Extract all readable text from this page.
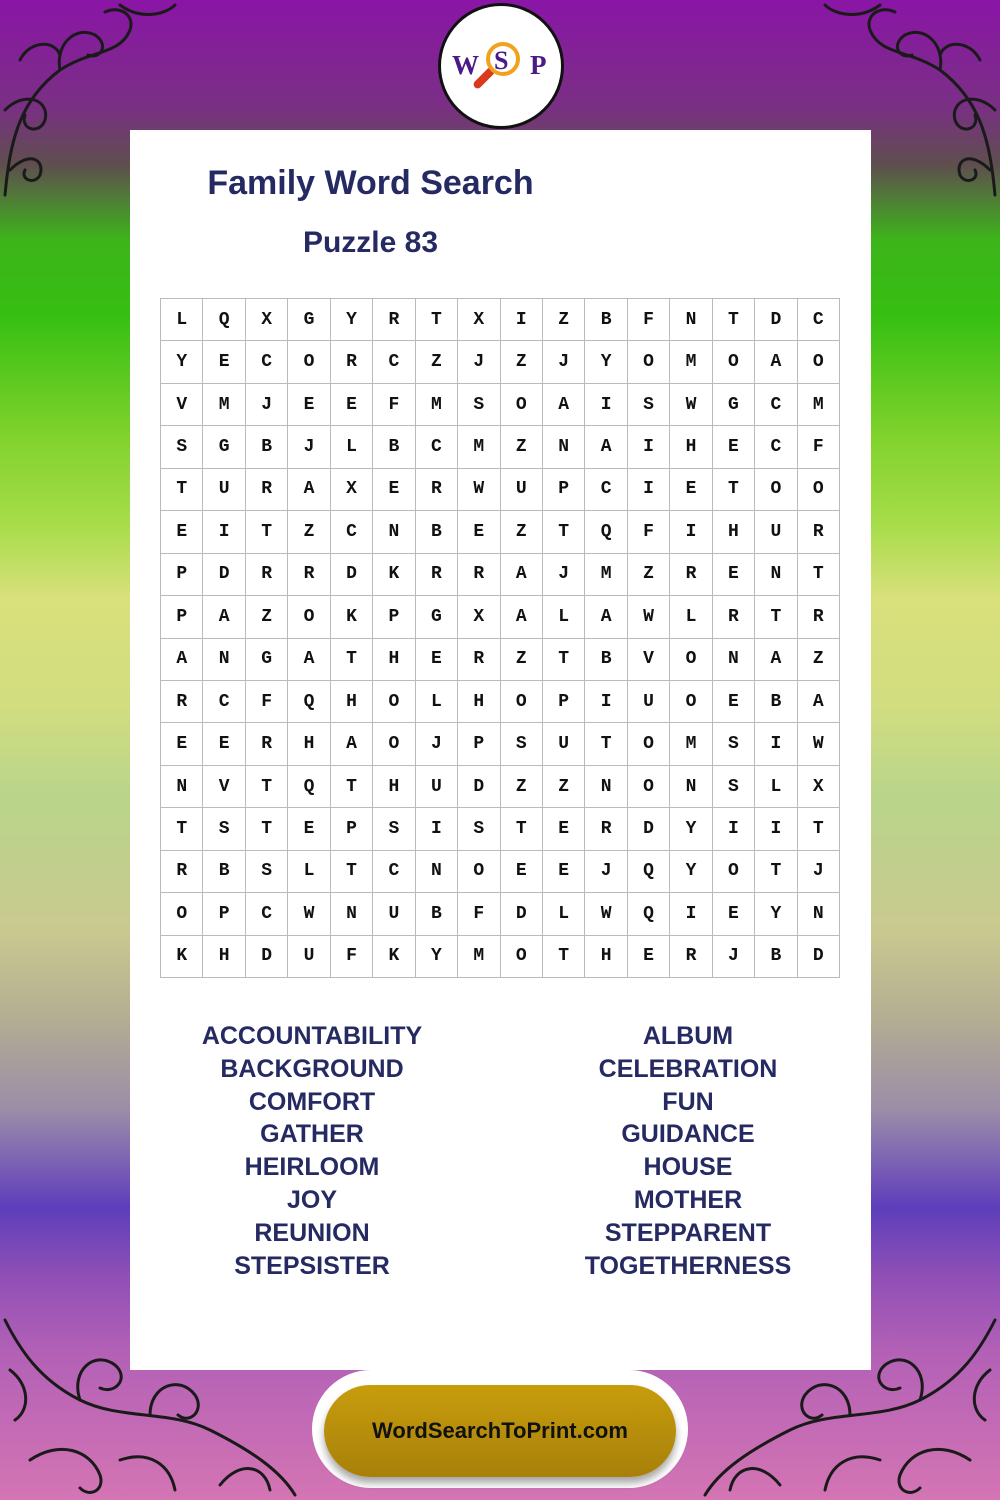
W S P
Family Word Search
Puzzle 83
L	Q	X	G	Y	R	T	X	I	Z	B	F	N	T	D	C
Y	E	C	O	R	C	Z	J	Z	J	Y	O	M	O	A	O
V	M	J	E	E	F	M	S	O	A	I	S	W	G	C	M
S	G	B	J	L	B	C	M	Z	N	A	I	H	E	C	F
T	U	R	A	X	E	R	W	U	P	C	I	E	T	O	O
E	I	T	Z	C	N	B	E	Z	T	Q	F	I	H	U	R
P	D	R	R	D	K	R	R	A	J	M	Z	R	E	N	T
P	A	Z	O	K	P	G	X	A	L	A	W	L	R	T	R
A	N	G	A	T	H	E	R	Z	T	B	V	O	N	A	Z
R	C	F	Q	H	O	L	H	O	P	I	U	O	E	B	A
E	E	R	H	A	O	J	P	S	U	T	O	M	S	I	W
N	V	T	Q	T	H	U	D	Z	Z	N	O	N	S	L	X
T	S	T	E	P	S	I	S	T	E	R	D	Y	I	I	T
R	B	S	L	T	C	N	O	E	E	J	Q	Y	O	T	J
O	P	C	W	N	U	B	F	D	L	W	Q	I	E	Y	N
K	H	D	U	F	K	Y	M	O	T	H	E	R	J	B	D
ACCOUNTABILITY
BACKGROUND
COMFORT
GATHER
HEIRLOOM
JOY
REUNION
STEPSISTER
ALBUM
CELEBRATION
FUN
GUIDANCE
HOUSE
MOTHER
STEPPARENT
TOGETHERNESS
WordSearchToPrint.com
